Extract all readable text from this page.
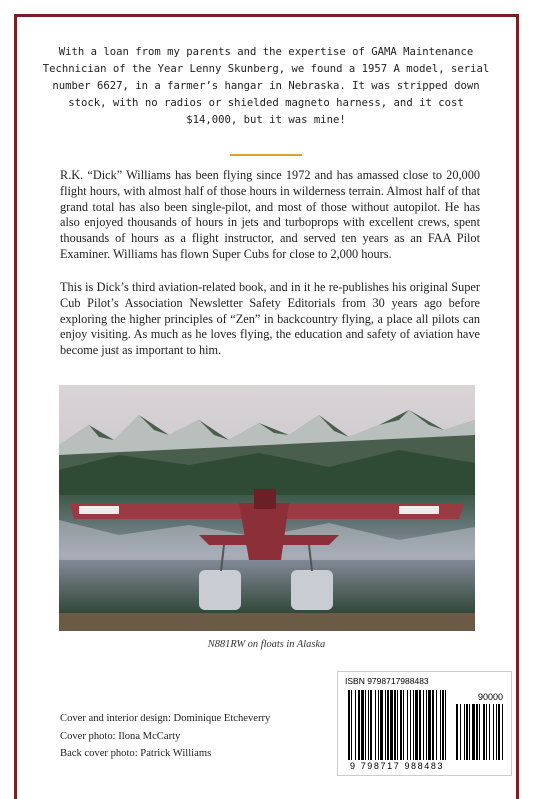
With a loan from my parents and the expertise of GAMA Maintenance Technician of the Year Lenny Skunberg, we found a 1957 A model, serial number 6627, in a farmer’s hangar in Nebraska. It was stripped down stock, with no radios or shielded magneto harness, and it cost $14,000, but it was mine!
R.K. “Dick” Williams has been flying since 1972 and has amassed close to 20,000 flight hours, with almost half of those hours in wilderness terrain. Almost half of that grand total has also been single-pilot, and most of those without autopilot. He has also enjoyed thousands of hours in jets and turboprops with excellent crews, spent thousands of hours as a flight instructor, and served ten years as an FAA Pilot Examiner. Williams has flown Super Cubs for close to 2,000 hours.
This is Dick’s third aviation-related book, and in it he re-publishes his original Super Cub Pilot’s Association Newsletter Safety Editorials from 30 years ago before exploring the higher principles of “Zen” in backcountry flying, a place all pilots can enjoy visiting. As much as he loves flying, the education and safety of aviation have become just as important to him.
N881RW on floats in Alaska
Cover and interior design: Dominique Etcheverry
Cover photo: Ilona McCarty
Back cover photo: Patrick Williams
ISBN 9798717988483
90000
9 798717 988483
